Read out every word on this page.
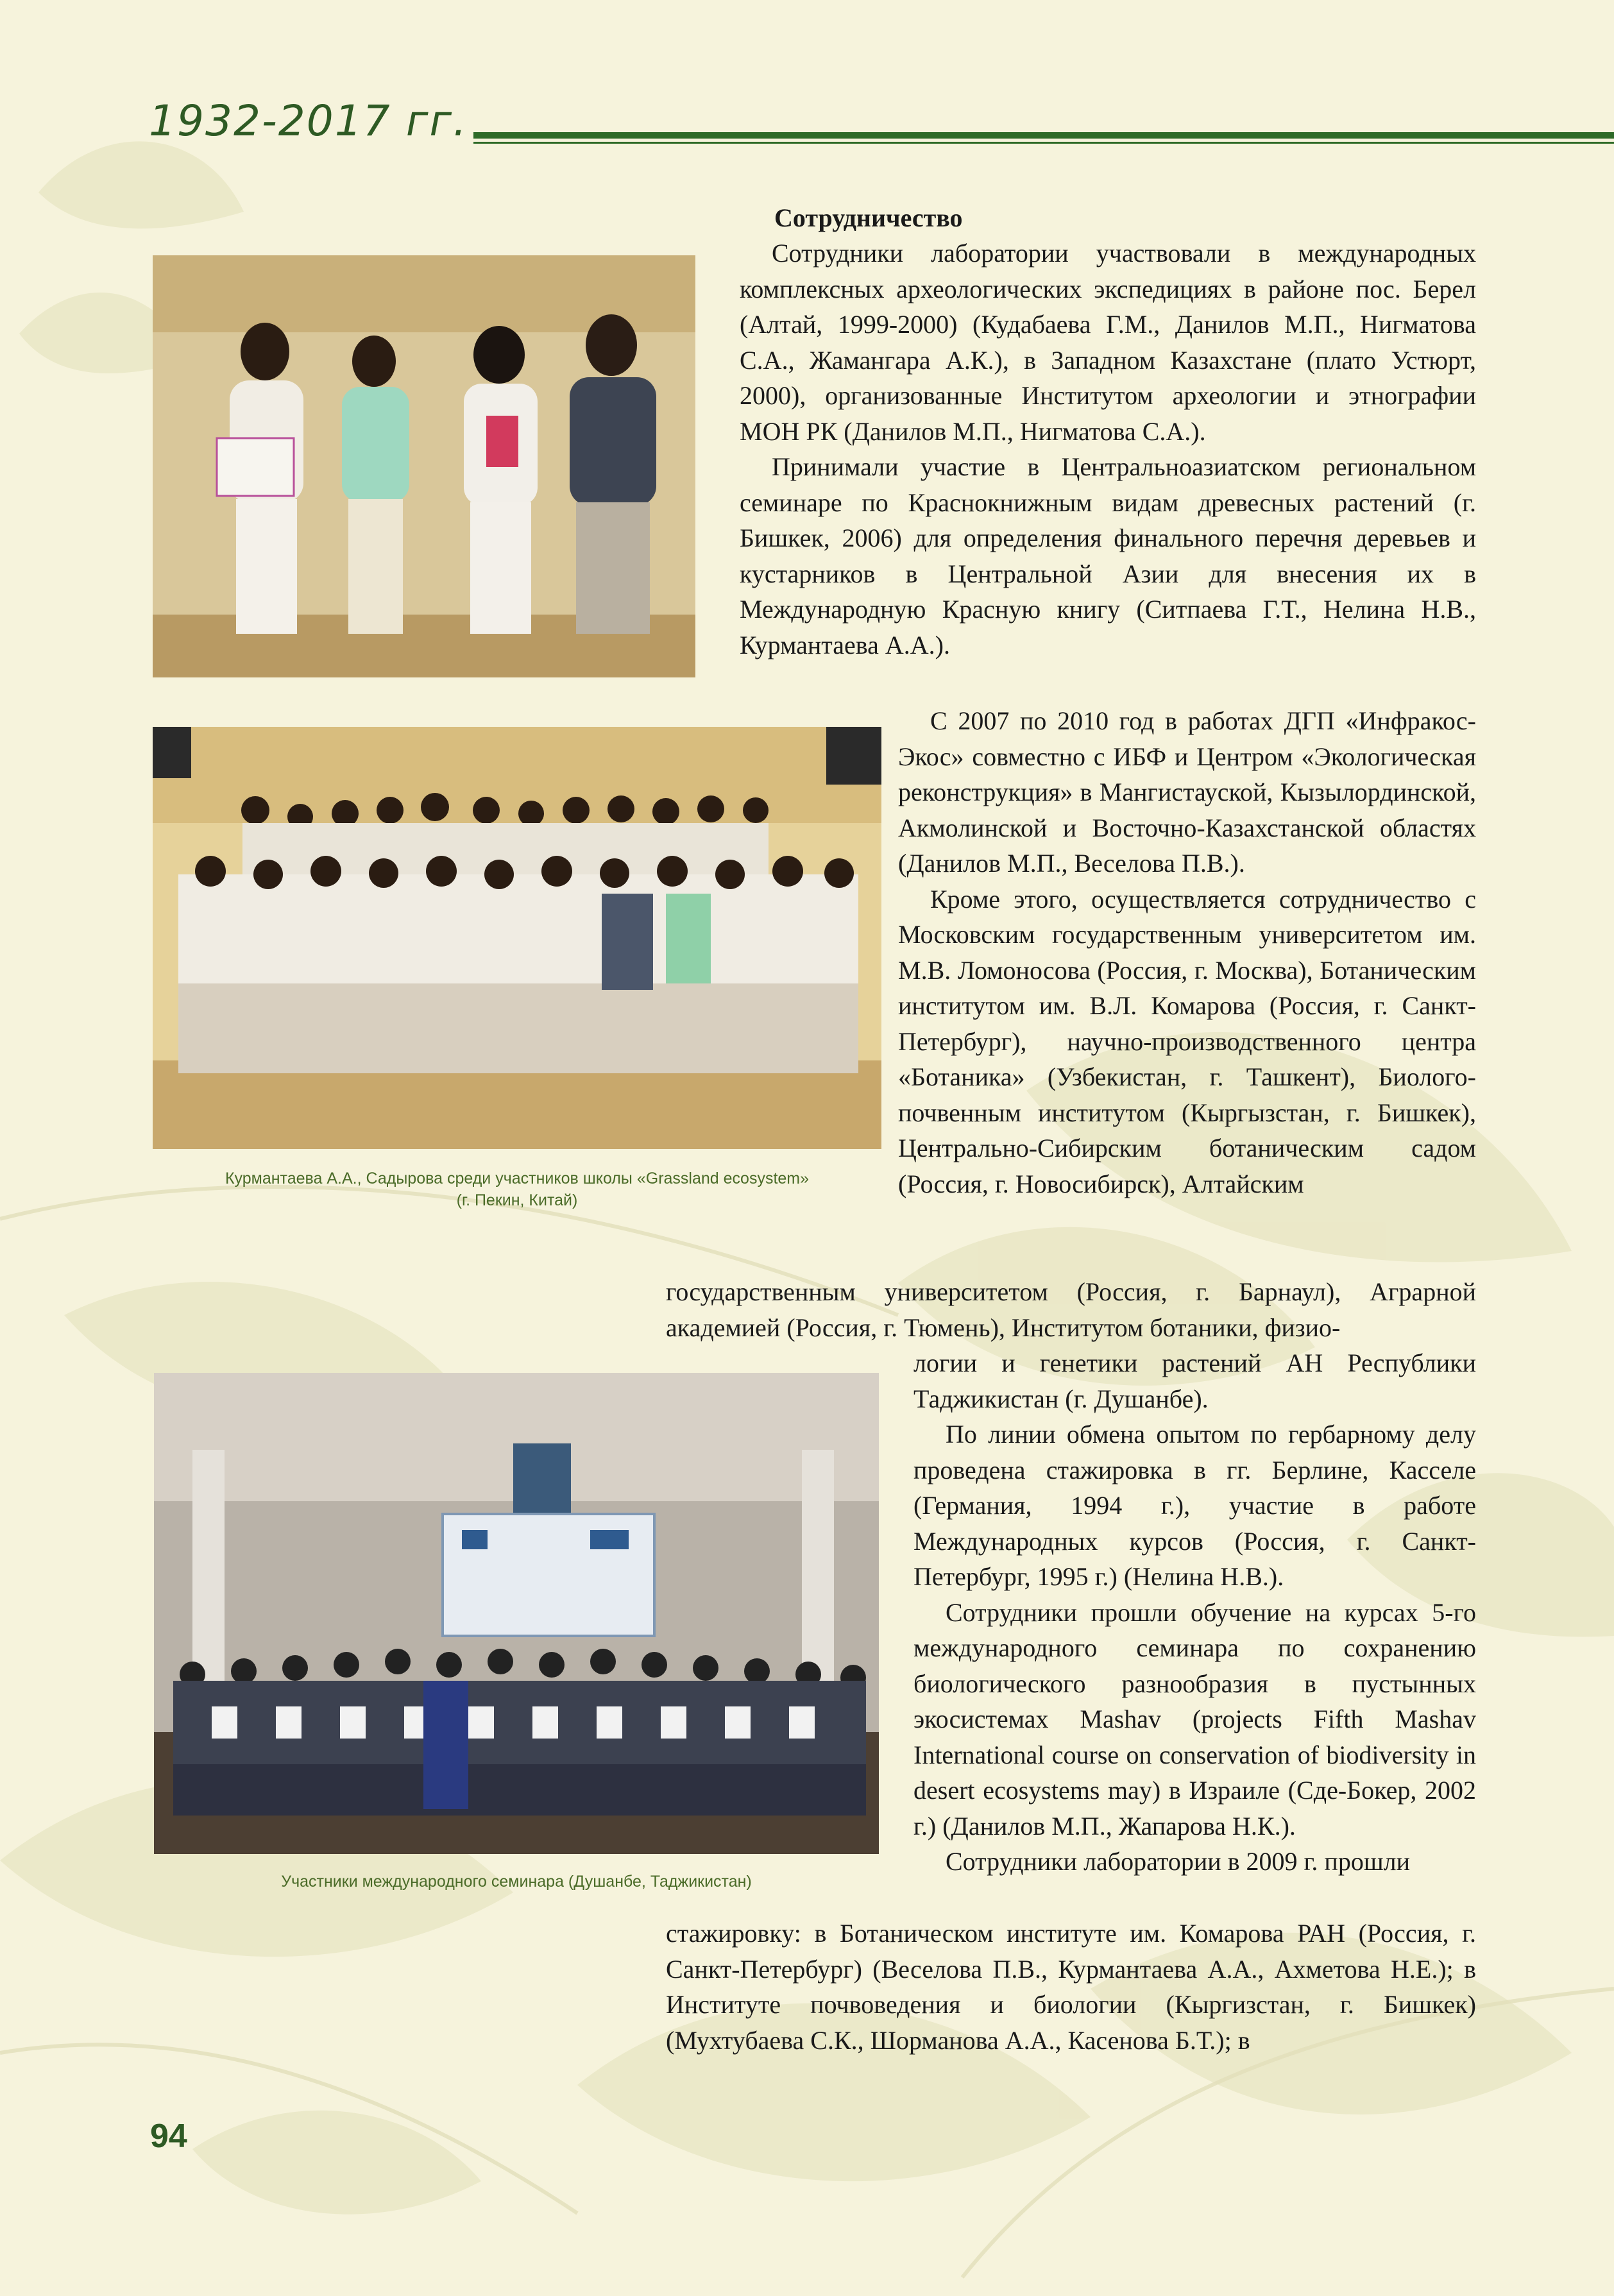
1932-2017 гг.
Курмантаева А.А., Садырова среди участников школы «Grassland ecosystem»
(г. Пекин, Китай)
Участники международного семинара (Душанбе, Таджикистан)
Сотрудничество

Сотрудники лаборатории участвовали в международных комплексных археологических экспедициях в районе пос. Берел (Алтай, 1999-2000) (Кудабаева Г.М., Данилов М.П., Нигматова С.А., Жамангара А.К.), в Западном Казахстане (плато Устюрт, 2000), организованные Институтом археологии и этнографии МОН РК (Данилов М.П., Нигматова С.А.).

Принимали участие в Центральноазиатском региональном семинаре по Краснокнижным видам древесных растений (г. Бишкек, 2006) для определения финального перечня деревьев и кустарников в Центральной Азии для внесения их в Международную Красную книгу (Ситпаева Г.Т., Нелина Н.В., Курмантаева А.А.).

С 2007 по 2010 год в работах ДГП «Инфракос-Экос» совместно с ИБФ и Центром «Экологическая реконструкция» в Мангистауской, Кызылординской, Акмолинской и Восточно-Казахстанской областях (Данилов М.П., Веселова П.В.).

Кроме этого, осуществляется сотрудничество с Московским государственным университетом им. М.В. Ломоносова (Россия, г. Москва), Ботаническим институтом им. В.Л. Комарова (Россия, г. Санкт-Петербург), научно-производственного центра «Ботаника» (Узбекистан, г. Ташкент), Биолого-почвенным институтом (Кыргызстан, г. Бишкек), Центрально-Сибирским ботаническим садом (Россия, г. Новосибирск), Алтайским

государственным университетом (Россия, г. Барнаул), Аграрной академией (Россия, г. Тюмень), Институтом ботаники, физио-

логии и генетики растений АН Республики Таджикистан (г. Душанбе).

По линии обмена опытом по гербарному делу проведена стажировка в гг. Берлине, Касселе (Германия, 1994 г.), участие в работе Международных курсов (Россия, г. Санкт-Петербург, 1995 г.) (Нелина Н.В.).

Сотрудники прошли обучение на курсах 5-го международного семинара по сохранению биологического разнообразия в пустынных экосистемах Mashav (projects Fifth Mashav International course on conservation of biodiversity in desert ecosystems may) в Израиле (Сде-Бокер, 2002 г.) (Данилов М.П., Жапарова Н.К.).

Сотрудники лаборатории в 2009 г. прошли

стажировку: в Ботаническом институте им. Комарова РАН (Россия, г. Санкт-Петербург) (Веселова П.В., Курмантаева А.А., Ахметова Н.Е.); в Институте почвоведения и биологии (Кыргизстан, г. Бишкек) (Мухтубаева С.К., Шорманова А.А., Касенова Б.Т.); в

94
